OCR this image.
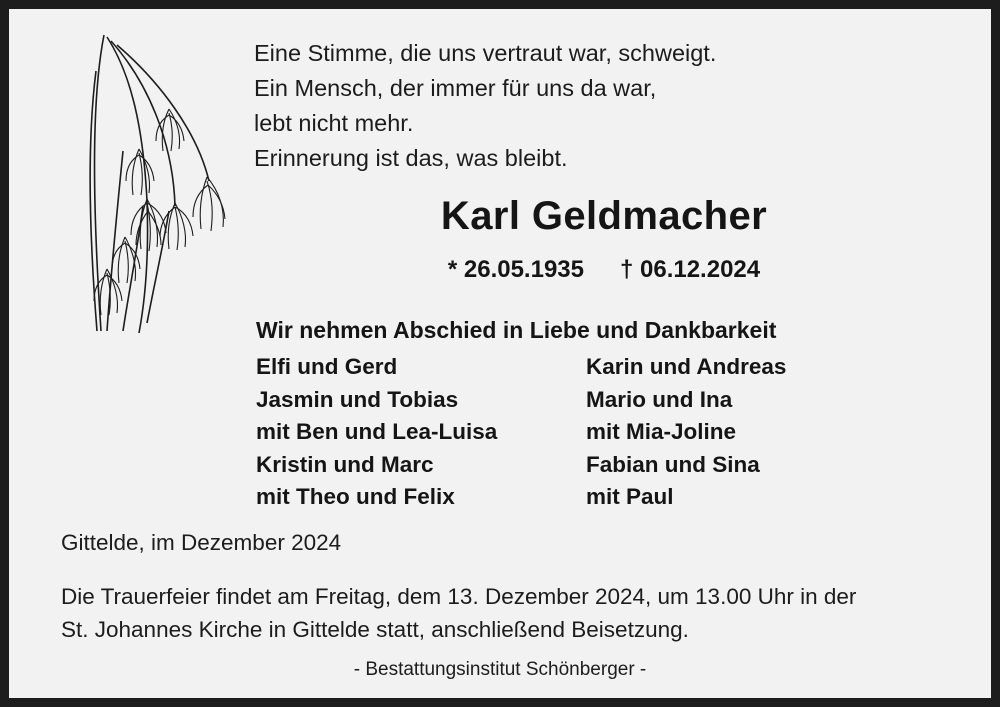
Eine Stimme, die uns vertraut war, schweigt.
Ein Mensch, der immer für uns da war,
lebt nicht mehr.
Erinnerung ist das, was bleibt.
Karl Geldmacher
* 26.05.1935 † 06.12.2024
Wir nehmen Abschied in Liebe und Dankbarkeit
Elfi und Gerd	Karin und Andreas
Jasmin und Tobias	Mario und Ina
mit Ben und Lea-Luisa	mit Mia-Joline
Kristin und Marc	Fabian und Sina
mit Theo und Felix	mit Paul
Gittelde, im Dezember 2024
Die Trauerfeier findet am Freitag, dem 13. Dezember 2024, um 13.00 Uhr in der
St. Johannes Kirche in Gittelde statt, anschließend Beisetzung.
- Bestattungsinstitut Schönberger -
